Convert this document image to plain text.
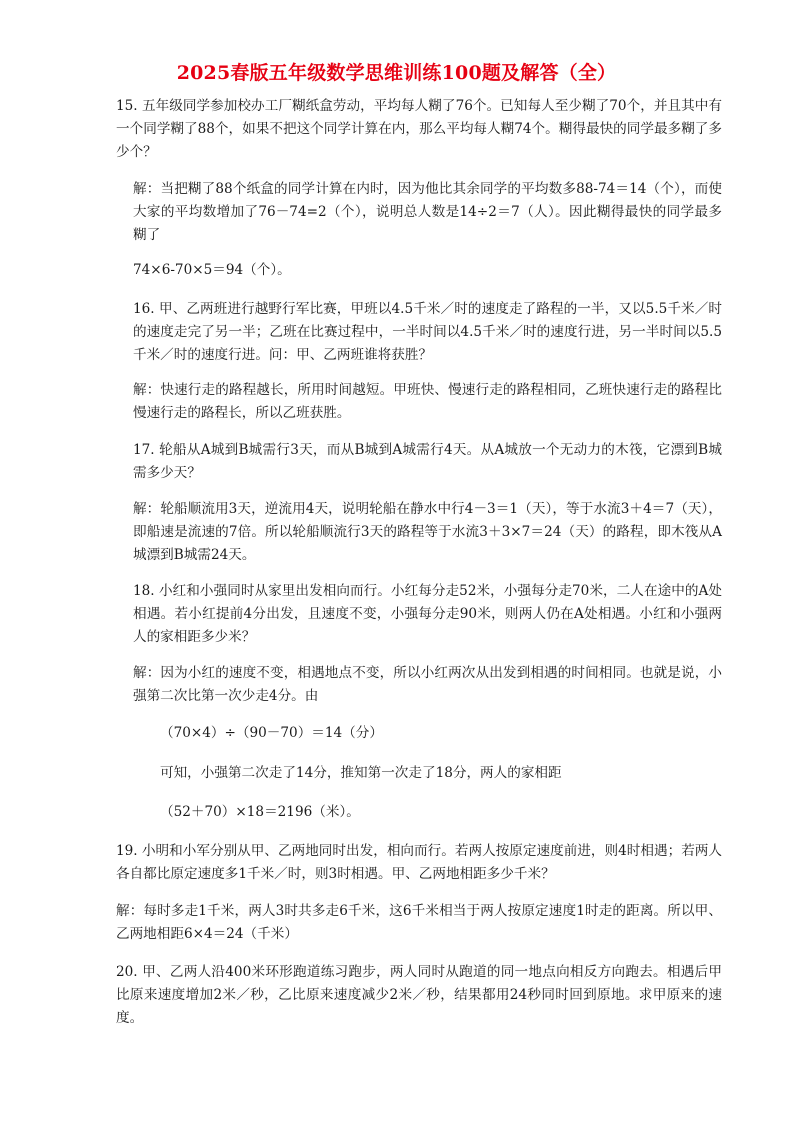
2025春版五年级数学思维训练100题及解答（全）
15. 五年级同学参加校办工厂糊纸盒劳动，平均每人糊了76个。已知每人至少糊了70个，并且其中有一个同学糊了88个，如果不把这个同学计算在内，那么平均每人糊74个。糊得最快的同学最多糊了多少个？
解：当把糊了88个纸盒的同学计算在内时，因为他比其余同学的平均数多88-74＝14（个），而使大家的平均数增加了76－74=2（个），说明总人数是14÷2＝7（人）。因此糊得最快的同学最多糊了
74×6-70×5＝94（个）。
16. 甲、乙两班进行越野行军比赛，甲班以4.5千米／时的速度走了路程的一半，又以5.5千米／时的速度走完了另一半；乙班在比赛过程中，一半时间以4.5千米／时的速度行进，另一半时间以5.5千米／时的速度行进。问：甲、乙两班谁将获胜？
解：快速行走的路程越长，所用时间越短。甲班快、慢速行走的路程相同，乙班快速行走的路程比慢速行走的路程长，所以乙班获胜。
17. 轮船从A城到B城需行3天，而从B城到A城需行4天。从A城放一个无动力的木筏，它漂到B城需多少天？
解：轮船顺流用3天，逆流用4天，说明轮船在静水中行4－3＝1（天），等于水流3＋4＝7（天），即船速是流速的7倍。所以轮船顺流行3天的路程等于水流3＋3×7＝24（天）的路程，即木筏从A城漂到B城需24天。
18. 小红和小强同时从家里出发相向而行。小红每分走52米，小强每分走70米，二人在途中的A处相遇。若小红提前4分出发，且速度不变，小强每分走90米，则两人仍在A处相遇。小红和小强两人的家相距多少米？
解：因为小红的速度不变，相遇地点不变，所以小红两次从出发到相遇的时间相同。也就是说，小强第二次比第一次少走4分。由
（70×4）÷（90－70）＝14（分）
可知，小强第二次走了14分，推知第一次走了18分，两人的家相距
（52＋70）×18＝2196（米）。
19. 小明和小军分别从甲、乙两地同时出发，相向而行。若两人按原定速度前进，则4时相遇；若两人各自都比原定速度多1千米／时，则3时相遇。甲、乙两地相距多少千米？
解：每时多走1千米，两人3时共多走6千米，这6千米相当于两人按原定速度1时走的距离。所以甲、乙两地相距6×4＝24（千米）
20. 甲、乙两人沿400米环形跑道练习跑步，两人同时从跑道的同一地点向相反方向跑去。相遇后甲比原来速度增加2米／秒，乙比原来速度减少2米／秒，结果都用24秒同时回到原地。求甲原来的速度。
